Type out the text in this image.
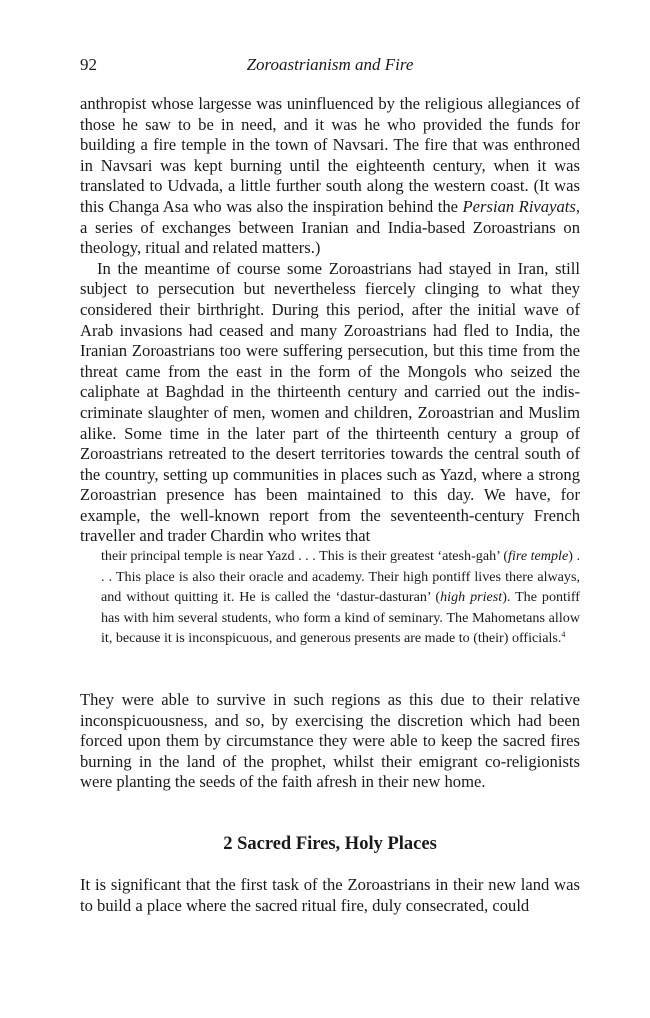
92	Zoroastrianism and Fire

anthropist whose largesse was uninfluenced by the religious allegiances of those he saw to be in need, and it was he who provided the funds for building a fire temple in the town of Navsari. The fire that was enthroned in Navsari was kept burning until the eighteenth century, when it was translated to Udvada, a little further south along the western coast. (It was this Changa Asa who was also the inspiration behind the Persian Rivayats, a series of exchanges between Iranian and India-based Zoroastrians on theology, ritual and related matters.)

In the meantime of course some Zoroastrians had stayed in Iran, still subject to persecution but nevertheless fiercely clinging to what they considered their birthright. During this period, after the initial wave of Arab invasions had ceased and many Zoroastrians had fled to India, the Iranian Zoroastrians too were suffering persecution, but this time from the threat came from the east in the form of the Mongols who seized the caliphate at Baghdad in the thirteenth century and carried out the indiscriminate slaughter of men, women and children, Zoroastrian and Muslim alike. Some time in the later part of the thirteenth century a group of Zoroastrians retreated to the desert territories towards the central south of the country, setting up communities in places such as Yazd, where a strong Zoroastrian presence has been maintained to this day. We have, for example, the well-known report from the seventeenth-century French traveller and trader Chardin who writes that

their principal temple is near Yazd . . . This is their greatest ‘atesh-gah’ (fire temple) . . . This place is also their oracle and academy. Their high pontiff lives there always, and without quitting it. He is called the ‘dastur-dasturan’ (high priest). The pontiff has with him several students, who form a kind of seminary. The Mahometans allow it, because it is inconspicuous, and generous presents are made to (their) officials.$^4$

They were able to survive in such regions as this due to their relative inconspicuousness, and so, by exercising the discretion which had been forced upon them by circumstance they were able to keep the sacred fires burning in the land of the prophet, whilst their emigrant co-religionists were planting the seeds of the faith afresh in their new home.

2 Sacred Fires, Holy Places

It is significant that the first task of the Zoroastrians in their new land was to build a place where the sacred ritual fire, duly consecrated, could
